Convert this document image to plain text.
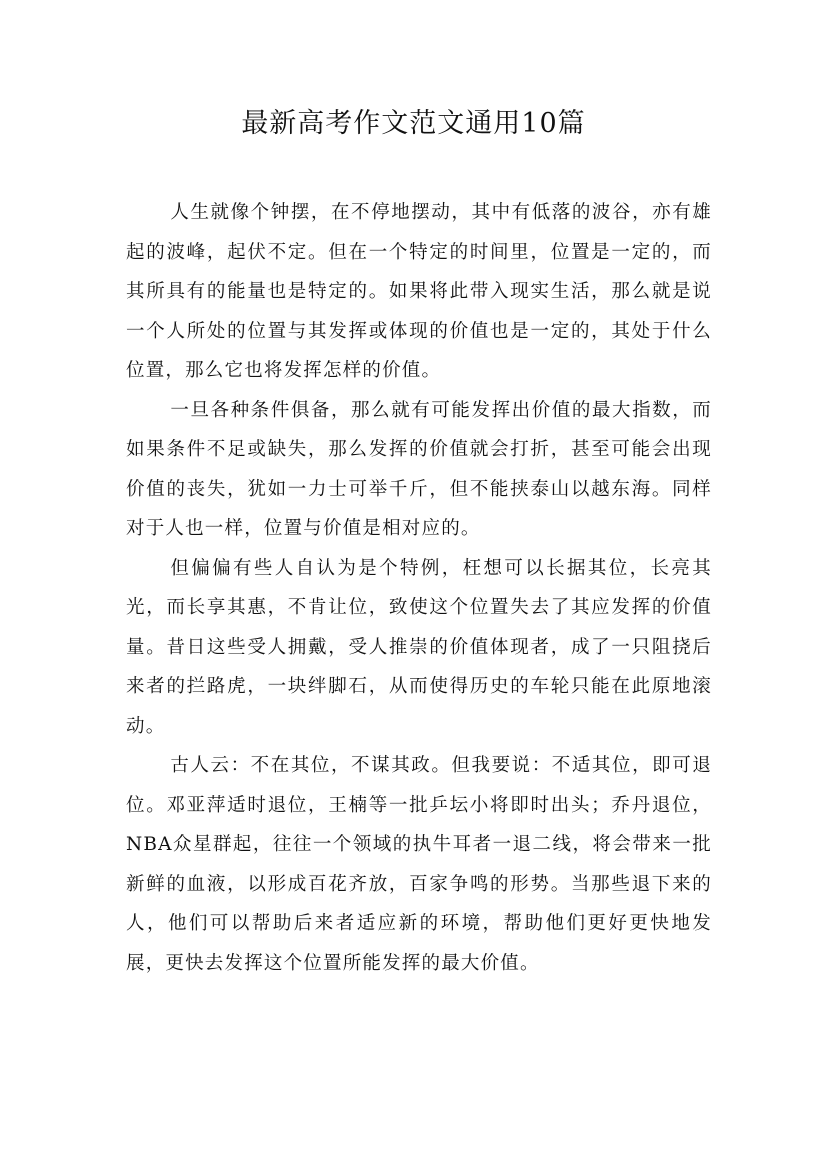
最新高考作文范文通用10篇

人生就像个钟摆，在不停地摆动，其中有低落的波谷，亦有雄起的波峰，起伏不定。但在一个特定的时间里，位置是一定的，而其所具有的能量也是特定的。如果将此带入现实生活，那么就是说一个人所处的位置与其发挥或体现的价值也是一定的，其处于什么位置，那么它也将发挥怎样的价值。

一旦各种条件俱备，那么就有可能发挥出价值的最大指数，而如果条件不足或缺失，那么发挥的价值就会打折，甚至可能会出现价值的丧失，犹如一力士可举千斤，但不能挟泰山以越东海。同样对于人也一样，位置与价值是相对应的。

但偏偏有些人自认为是个特例，枉想可以长据其位，长亮其光，而长享其惠，不肯让位，致使这个位置失去了其应发挥的价值量。昔日这些受人拥戴，受人推崇的价值体现者，成了一只阻挠后来者的拦路虎，一块绊脚石，从而使得历史的车轮只能在此原地滚动。

古人云：不在其位，不谋其政。但我要说：不适其位，即可退位。邓亚萍适时退位，王楠等一批乒坛小将即时出头；乔丹退位，NBA众星群起，往往一个领域的执牛耳者一退二线，将会带来一批新鲜的血液，以形成百花齐放，百家争鸣的形势。当那些退下来的人，他们可以帮助后来者适应新的环境，帮助他们更好更快地发展，更快去发挥这个位置所能发挥的最大价值。
